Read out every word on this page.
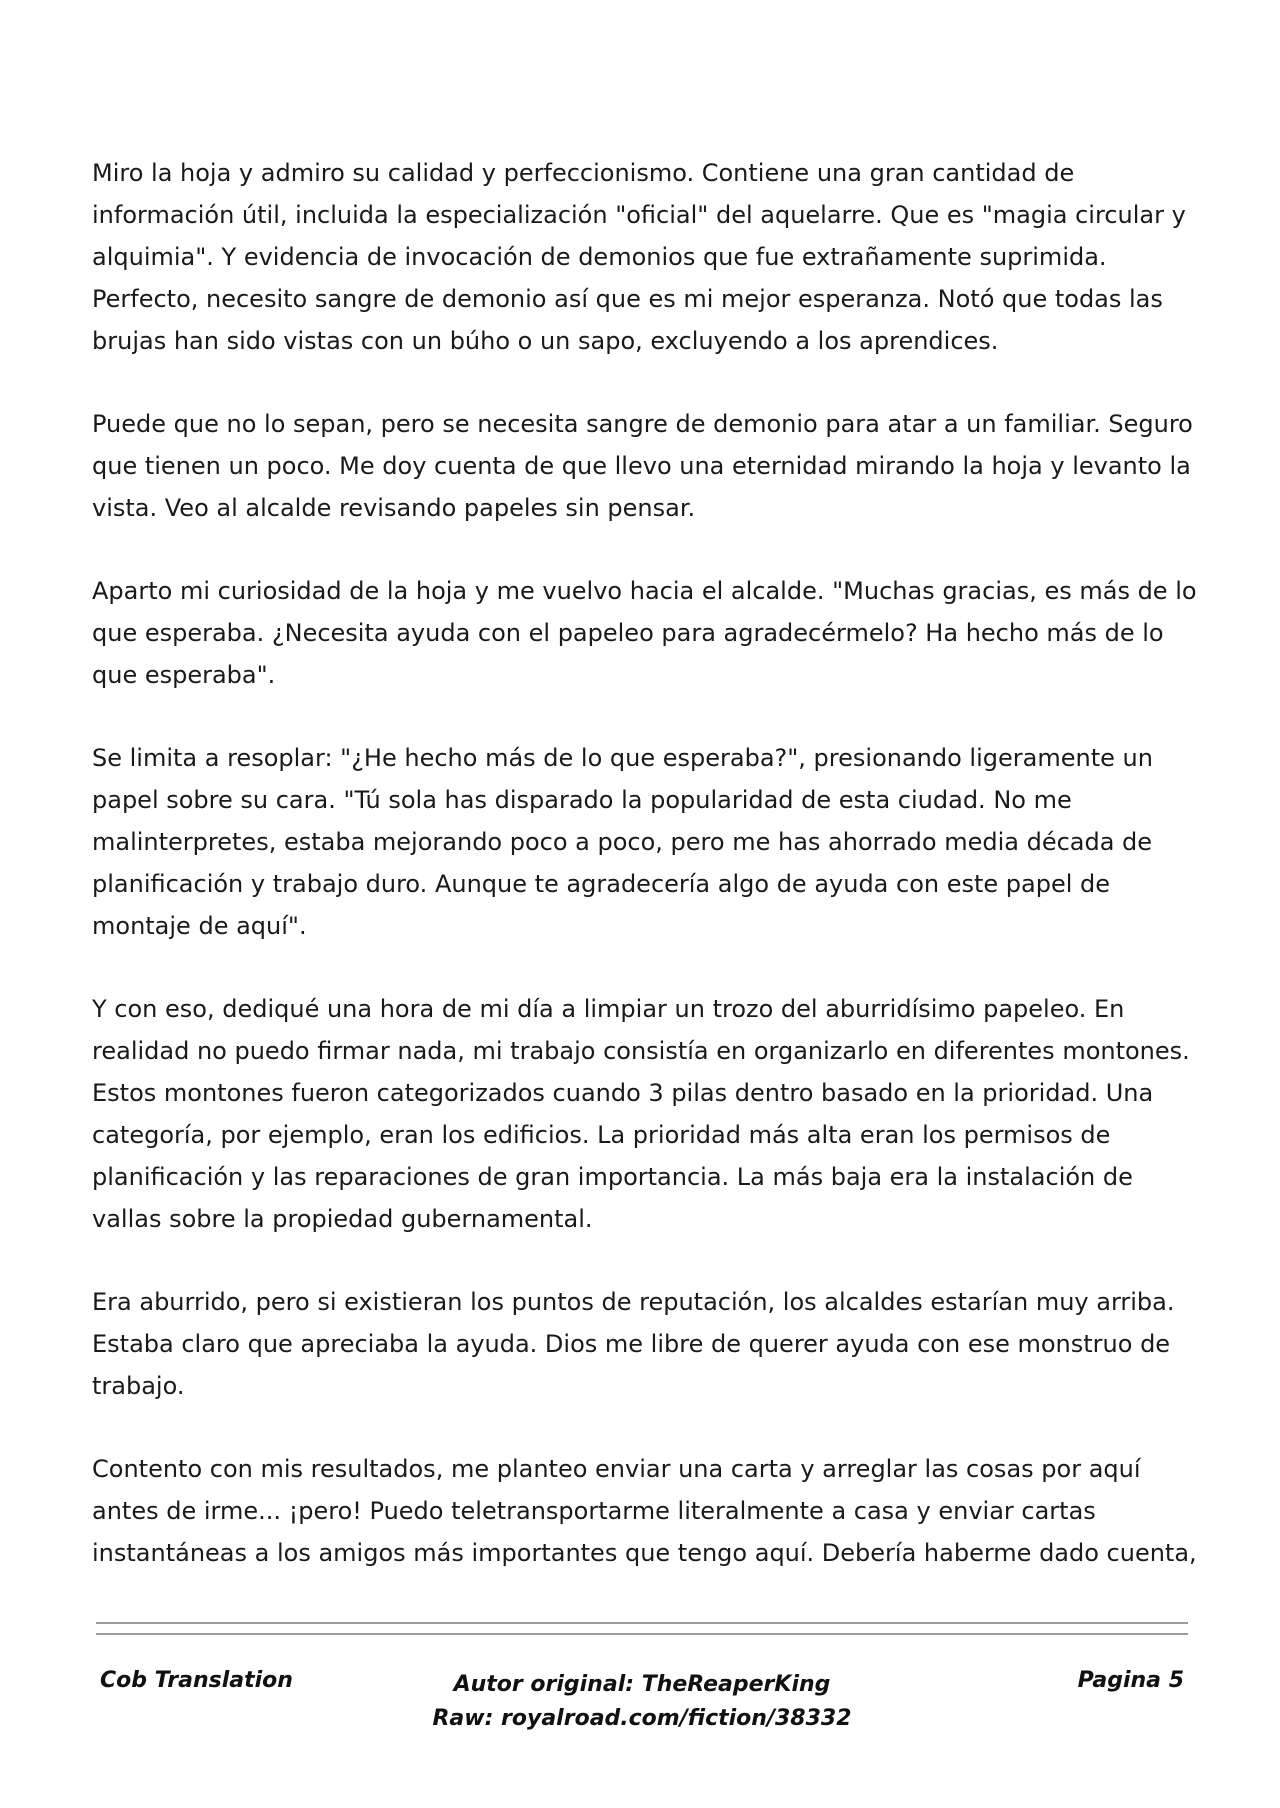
Miro la hoja y admiro su calidad y perfeccionismo. Contiene una gran cantidad de información útil, incluida la especialización "oficial" del aquelarre. Que es "magia circular y alquimia". Y evidencia de invocación de demonios que fue extrañamente suprimida. Perfecto, necesito sangre de demonio así que es mi mejor esperanza. Notó que todas las brujas han sido vistas con un búho o un sapo, excluyendo a los aprendices.

Puede que no lo sepan, pero se necesita sangre de demonio para atar a un familiar. Seguro que tienen un poco. Me doy cuenta de que llevo una eternidad mirando la hoja y levanto la vista. Veo al alcalde revisando papeles sin pensar.

Aparto mi curiosidad de la hoja y me vuelvo hacia el alcalde. "Muchas gracias, es más de lo que esperaba. ¿Necesita ayuda con el papeleo para agradecérmelo? Ha hecho más de lo que esperaba".

Se limita a resoplar: "¿He hecho más de lo que esperaba?", presionando ligeramente un papel sobre su cara. "Tú sola has disparado la popularidad de esta ciudad. No me malinterpretes, estaba mejorando poco a poco, pero me has ahorrado media década de planificación y trabajo duro. Aunque te agradecería algo de ayuda con este papel de montaje de aquí".

Y con eso, dediqué una hora de mi día a limpiar un trozo del aburridísimo papeleo. En realidad no puedo firmar nada, mi trabajo consistía en organizarlo en diferentes montones. Estos montones fueron categorizados cuando 3 pilas dentro basado en la prioridad. Una categoría, por ejemplo, eran los edificios. La prioridad más alta eran los permisos de planificación y las reparaciones de gran importancia. La más baja era la instalación de vallas sobre la propiedad gubernamental.

Era aburrido, pero si existieran los puntos de reputación, los alcaldes estarían muy arriba. Estaba claro que apreciaba la ayuda. Dios me libre de querer ayuda con ese monstruo de trabajo.

Contento con mis resultados, me planteo enviar una carta y arreglar las cosas por aquí antes de irme... ¡pero! Puedo teletransportarme literalmente a casa y enviar cartas instantáneas a los amigos más importantes que tengo aquí. Debería haberme dado cuenta,

Cob Translation	Autor original: TheReaperKing
Raw: royalroad.com/fiction/38332
Pagina 5
